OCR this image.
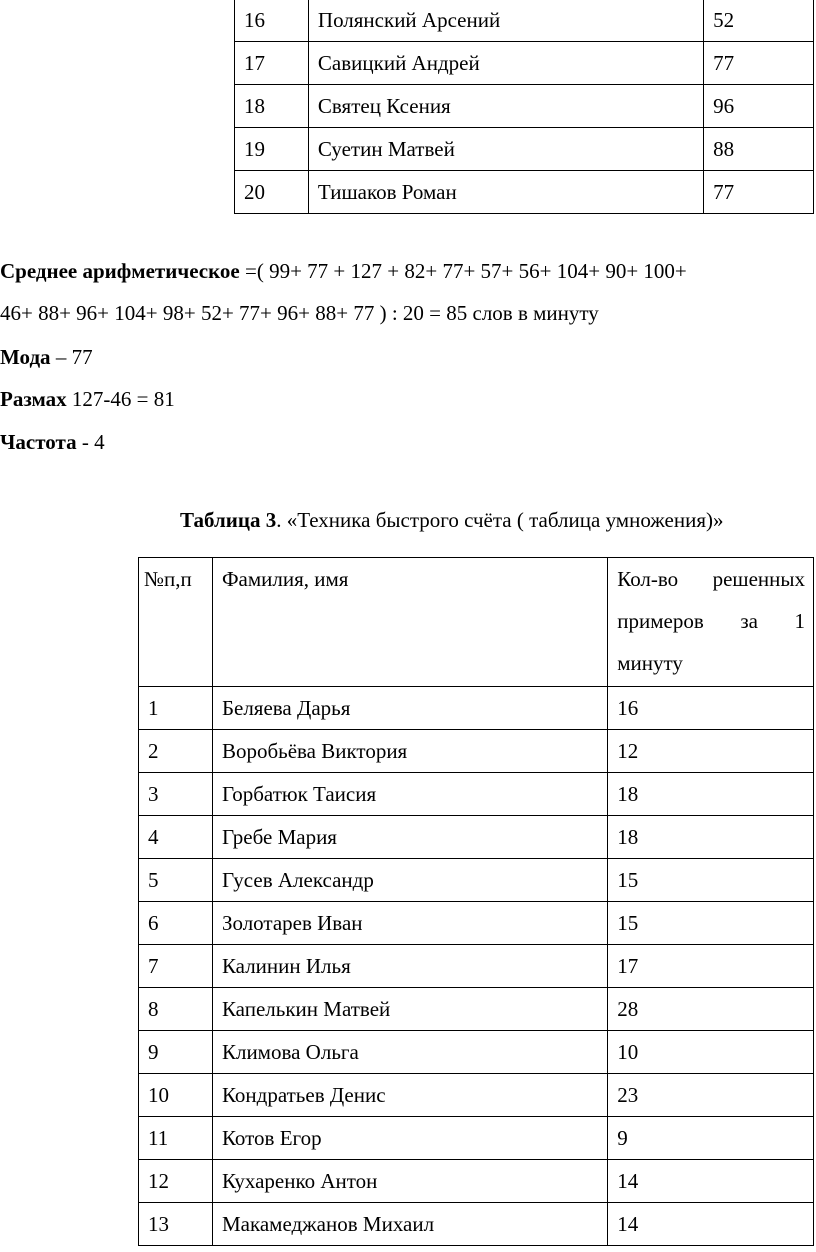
16	Полянский Арсений	52
17	Савицкий Андрей	77
18	Святец Ксения	96
19	Суетин Матвей	88
20	Тишаков Роман	77
Среднее арифметическое =( 99+ 77 + 127 + 82+ 77+ 57+ 56+ 104+ 90+ 100+
46+ 88+ 96+ 104+ 98+ 52+ 77+ 96+ 88+ 77 ) : 20 = 85 слов в минуту
Мода – 77
Размах 127-46 = 81
Частота - 4
Таблица 3. «Техника быстрого счёта ( таблица умножения)»
№п,п	Фамилия, имя	Кол-во решенных
примеров за 1
минуту

1	Беляева Дарья	16
2	Воробьёва Виктория	12
3	Горбатюк Таисия	18
4	Гребе Мария	18
5	Гусев Александр	15
6	Золотарев Иван	15
7	Калинин Илья	17
8	Капелькин Матвей	28
9	Климова Ольга	10
10	Кондратьев Денис	23
11	Котов Егор	9
12	Кухаренко Антон	14
13	Макамеджанов Михаил	14
